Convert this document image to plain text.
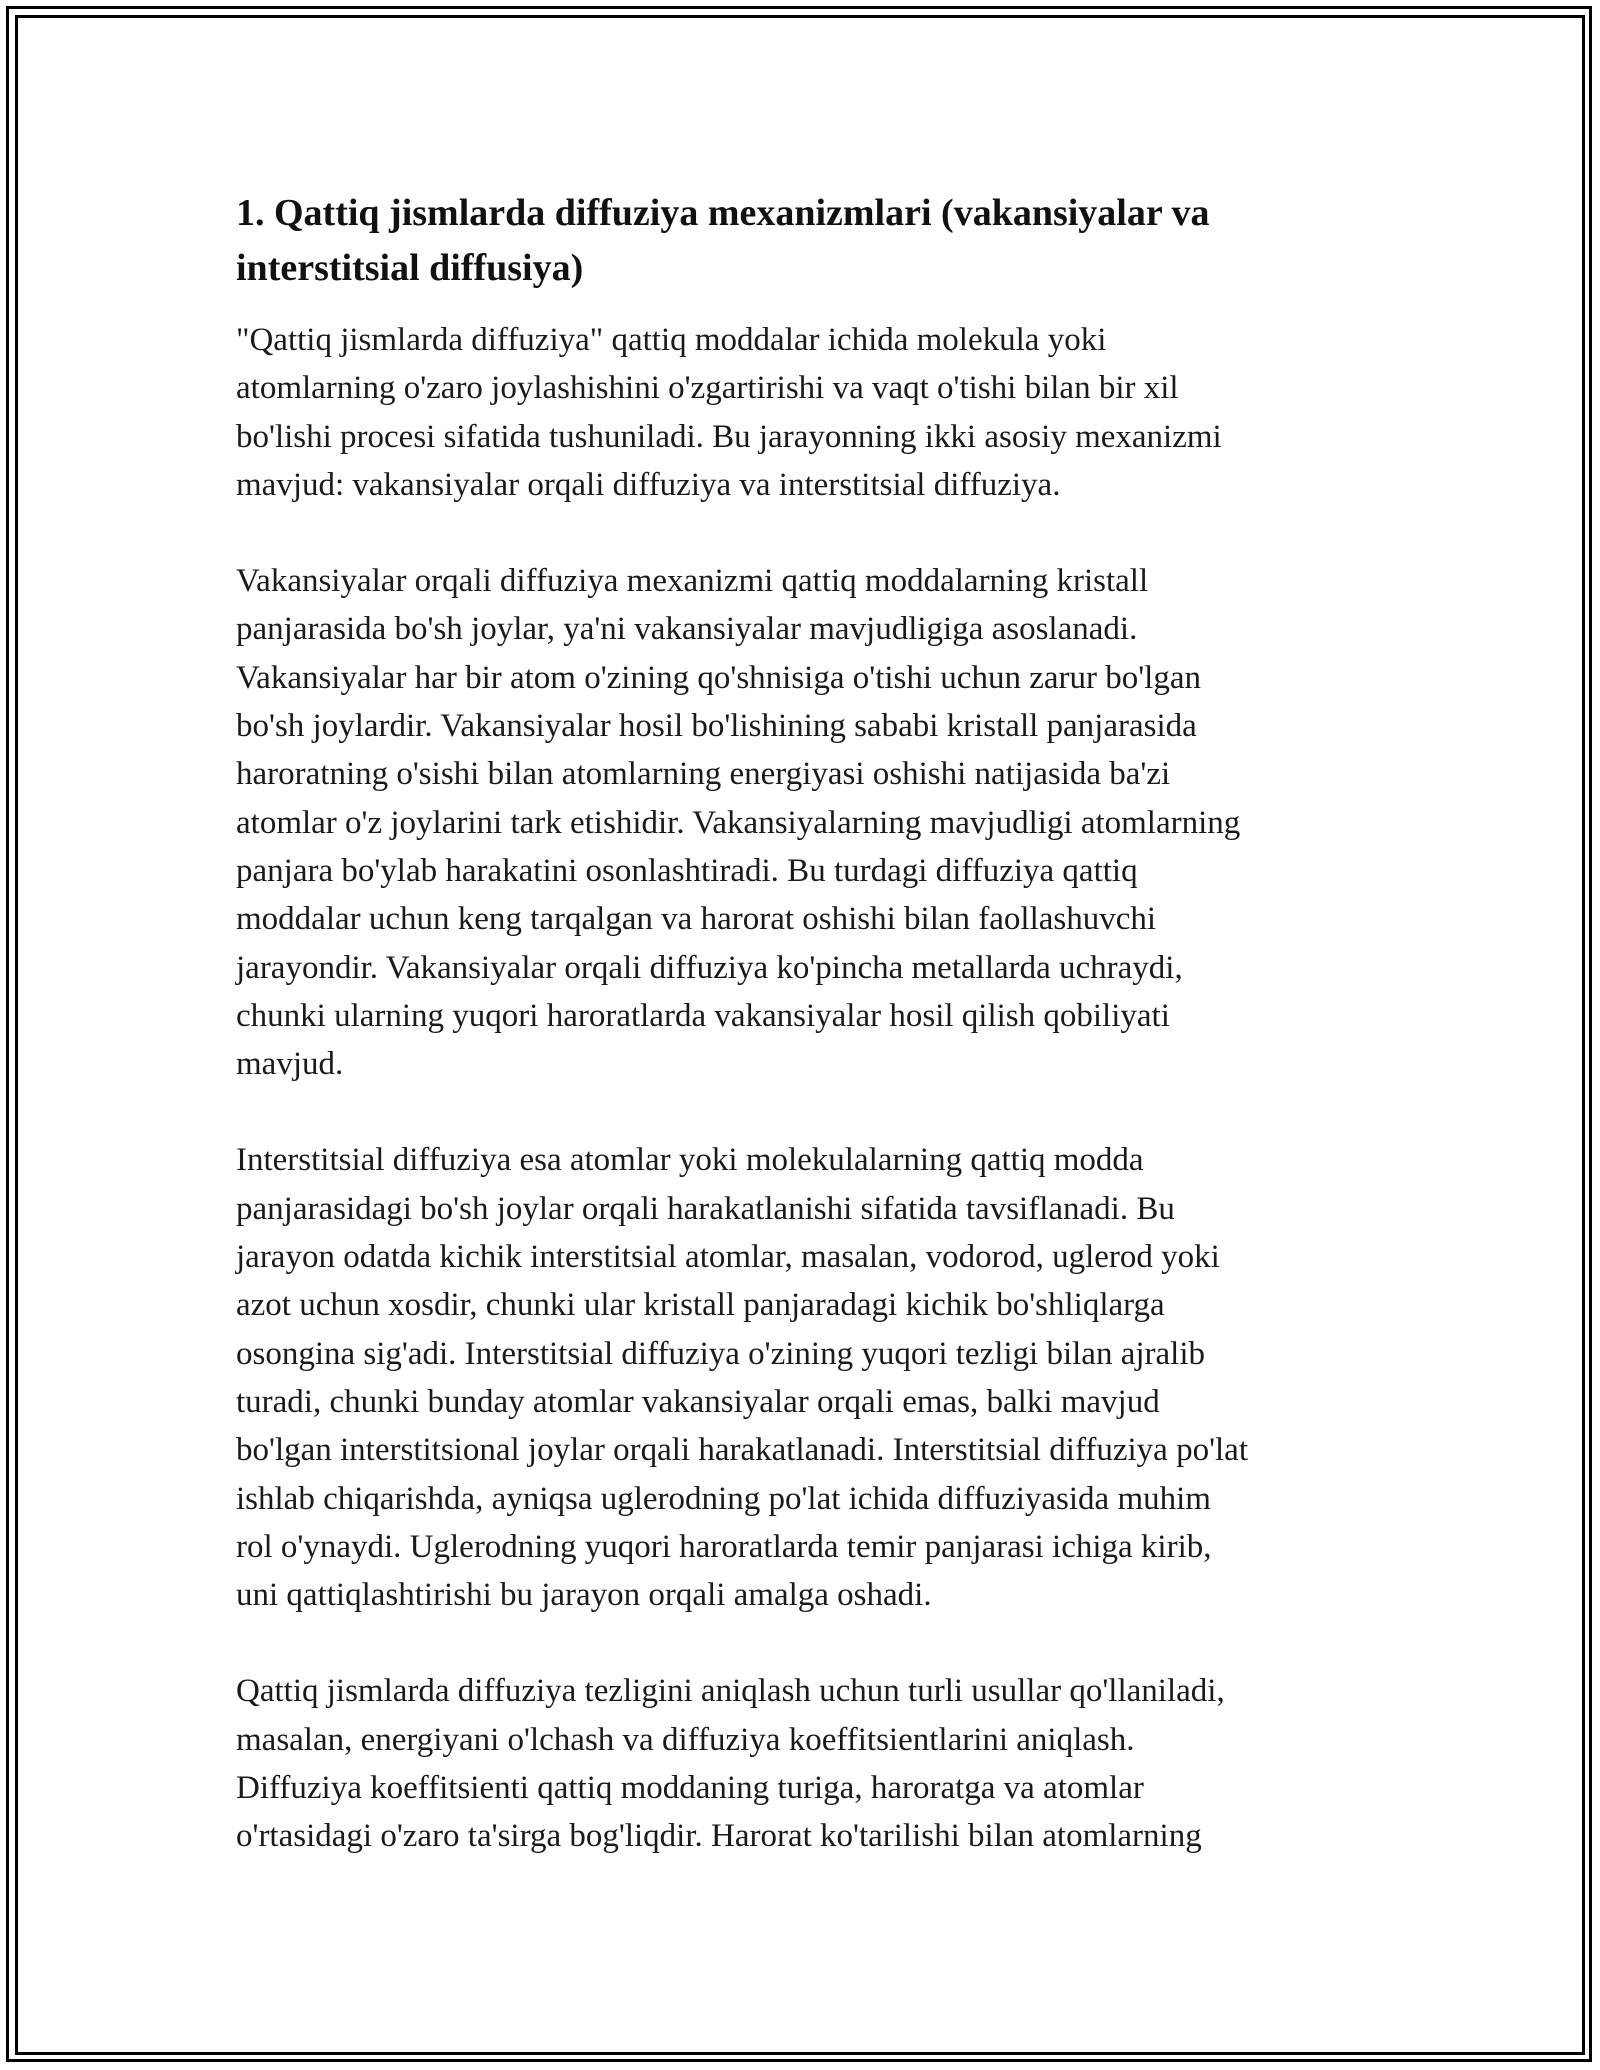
1. Qattiq jismlarda diffuziya mexanizmlari (vakansiyalar va
interstitsial diffusiya)

"Qattiq jismlarda diffuziya" qattiq moddalar ichida molekula yoki
atomlarning o'zaro joylashishini o'zgartirishi va vaqt o'tishi bilan bir xil
bo'lishi procesi sifatida tushuniladi. Bu jarayonning ikki asosiy mexanizmi
mavjud: vakansiyalar orqali diffuziya va interstitsial diffuziya.

Vakansiyalar orqali diffuziya mexanizmi qattiq moddalarning kristall
panjarasida bo'sh joylar, ya'ni vakansiyalar mavjudligiga asoslanadi.
Vakansiyalar har bir atom o'zining qo'shnisiga o'tishi uchun zarur bo'lgan
bo'sh joylardir. Vakansiyalar hosil bo'lishining sababi kristall panjarasida
haroratning o'sishi bilan atomlarning energiyasi oshishi natijasida ba'zi
atomlar o'z joylarini tark etishidir. Vakansiyalarning mavjudligi atomlarning
panjara bo'ylab harakatini osonlashtiradi. Bu turdagi diffuziya qattiq
moddalar uchun keng tarqalgan va harorat oshishi bilan faollashuvchi
jarayondir. Vakansiyalar orqali diffuziya ko'pincha metallarda uchraydi,
chunki ularning yuqori haroratlarda vakansiyalar hosil qilish qobiliyati
mavjud.

Interstitsial diffuziya esa atomlar yoki molekulalarning qattiq modda
panjarasidagi bo'sh joylar orqali harakatlanishi sifatida tavsiflanadi. Bu
jarayon odatda kichik interstitsial atomlar, masalan, vodorod, uglerod yoki
azot uchun xosdir, chunki ular kristall panjaradagi kichik bo'shliqlarga
osongina sig'adi. Interstitsial diffuziya o'zining yuqori tezligi bilan ajralib
turadi, chunki bunday atomlar vakansiyalar orqali emas, balki mavjud
bo'lgan interstitsional joylar orqali harakatlanadi. Interstitsial diffuziya po'lat
ishlab chiqarishda, ayniqsa uglerodning po'lat ichida diffuziyasida muhim
rol o'ynaydi. Uglerodning yuqori haroratlarda temir panjarasi ichiga kirib,
uni qattiqlashtirishi bu jarayon orqali amalga oshadi.

Qattiq jismlarda diffuziya tezligini aniqlash uchun turli usullar qo'llaniladi,
masalan, energiyani o'lchash va diffuziya koeffitsientlarini aniqlash.
Diffuziya koeffitsienti qattiq moddaning turiga, haroratga va atomlar
o'rtasidagi o'zaro ta'sirga bog'liqdir. Harorat ko'tarilishi bilan atomlarning
